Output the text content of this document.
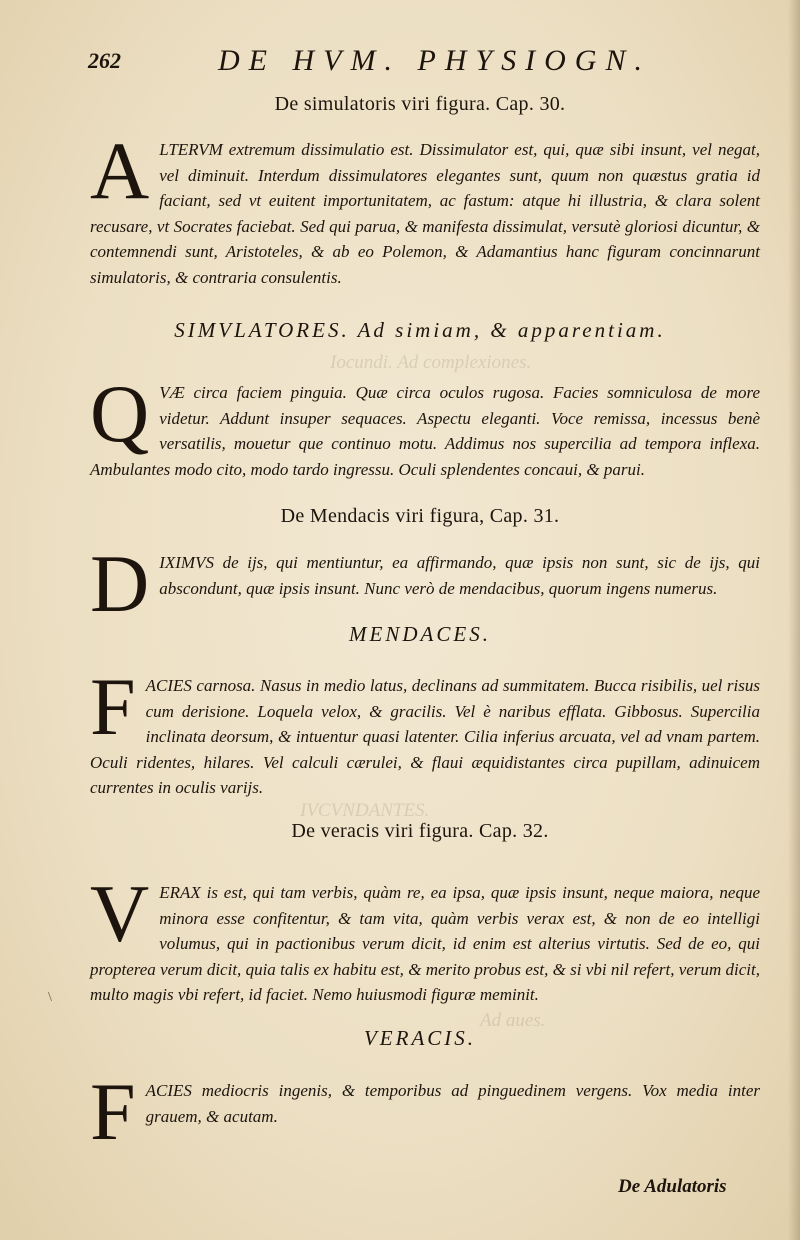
Iocundi. Ad complexiones.
IVCVNDANTES.
Ad aues.
262	DE HVM. PHYSIOGN.
De simulatoris viri figura. Cap. 30.
A LTERVM extremum dissimulatio est. Dissimulator est, qui, quæ sibi insunt, vel negat, vel diminuit. Interdum dissimulatores elegantes sunt, quum non quæstus gratia id faciant, sed vt euitent importunitatem, ac fastum: atque hi illustria, & clara solent recusare, vt Socrates faciebat. Sed qui parua, & manifesta dissimulat, versutè gloriosi dicuntur, & contemnendi sunt, Aristoteles, & ab eo Polemon, & Adamantius hanc figuram concinnarunt simulatoris, & contraria consulentis.
SIMVLATORES. Ad simiam, & apparentiam.
Q VÆ circa faciem pinguia. Quæ circa oculos rugosa. Facies somniculosa de more videtur. Addunt insuper sequaces. Aspectu eleganti. Voce remissa, incessus benè versatilis, mouetur que continuo motu. Addimus nos supercilia ad tempora inflexa. Ambulantes modo cito, modo tardo ingressu. Oculi splendentes concaui, & parui.
De Mendacis viri figura, Cap. 31.
D IXIMVS de ijs, qui mentiuntur, ea affirmando, quæ ipsis non sunt, sic de ijs, qui abscondunt, quæ ipsis insunt. Nunc verò de mendacibus, quorum ingens numerus.
MENDACES.
F ACIES carnosa. Nasus in medio latus, declinans ad summitatem. Bucca risibilis, uel risus cum derisione. Loquela velox, & gracilis. Vel è naribus efflata. Gibbosus. Supercilia inclinata deorsum, & intuentur quasi latenter. Cilia inferius arcuata, vel ad vnam partem. Oculi ridentes, hilares. Vel calculi cærulei, & flaui æquidistantes circa pupillam, adinuicem currentes in oculis varijs.
De veracis viri figura. Cap. 32.
V ERAX is est, qui tam verbis, quàm re, ea ipsa, quæ ipsis insunt, neque maiora, neque minora esse confitentur, & tam vita, quàm verbis verax est, & non de eo intelligi volumus, qui in pactionibus verum dicit, id enim est alterius virtutis. Sed de eo, qui propterea verum dicit, quia talis ex habitu est, & merito probus est, & si vbi nil refert, verum dicit, multo magis vbi refert, id faciet. Nemo huiusmodi figuræ meminit.
VERACIS.
F ACIES mediocris ingenis, & temporibus ad pinguedinem vergens. Vox media inter grauem, & acutam.
\
De Adulatoris
